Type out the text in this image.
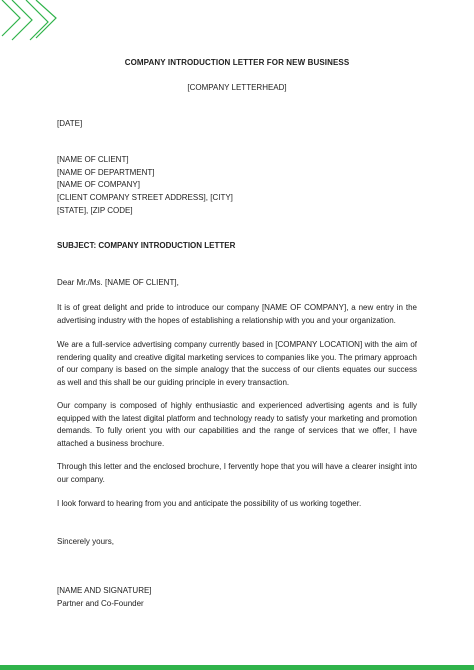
COMPANY INTRODUCTION LETTER FOR NEW BUSINESS
[COMPANY LETTERHEAD]

[DATE]

[NAME OF CLIENT]

[NAME OF DEPARTMENT]

[NAME OF COMPANY]

[CLIENT COMPANY STREET ADDRESS], [CITY]

[STATE], [ZIP CODE]

SUBJECT: COMPANY INTRODUCTION LETTER

Dear Mr./Ms. [NAME OF CLIENT],

It is of great delight and pride to introduce our company [NAME OF COMPANY], a new entry in the advertising industry with the hopes of establishing a relationship with you and your organization.

We are a full-service advertising company currently based in [COMPANY LOCATION] with the aim of rendering quality and creative digital marketing services to companies like you. The primary approach of our company is based on the simple analogy that the success of our clients equates our success as well and this shall be our guiding principle in every transaction.

Our company is composed of highly enthusiastic and experienced advertising agents and is fully equipped with the latest digital platform and technology ready to satisfy your marketing and promotion demands. To fully orient you with our capabilities and the range of services that we offer, I have attached a business brochure.

Through this letter and the enclosed brochure, I fervently hope that you will have a clearer insight into our company.

I look forward to hearing from you and anticipate the possibility of us working together.

Sincerely yours,

[NAME AND SIGNATURE]

Partner and Co-Founder
